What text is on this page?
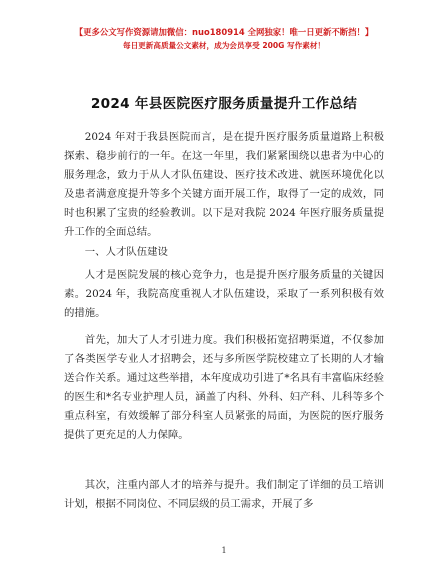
【更多公文写作资源请加微信：nuo180914 全网独家！唯一日更新不断挡！】
每日更新高质量公文素材，成为会员享受 200G 写作素材！
2024 年县医院医疗服务质量提升工作总结

2024 年对于我县医院而言，是在提升医疗服务质量道路上积极探索、稳步前行的一年。在这一年里，我们紧紧围绕以患者为中心的服务理念，致力于从人才队伍建设、医疗技术改进、就医环境优化以及患者满意度提升等多个关键方面开展工作，取得了一定的成效，同时也积累了宝贵的经验教训。以下是对我院 2024 年医疗服务质量提升工作的全面总结。

一、人才队伍建设

人才是医院发展的核心竞争力，也是提升医疗服务质量的关键因素。2024 年，我院高度重视人才队伍建设，采取了一系列积极有效的措施。

首先，加大了人才引进力度。我们积极拓宽招聘渠道，不仅参加了各类医学专业人才招聘会，还与多所医学院校建立了长期的人才输送合作关系。通过这些举措，本年度成功引进了*名具有丰富临床经验的医生和*名专业护理人员，涵盖了内科、外科、妇产科、儿科等多个重点科室，有效缓解了部分科室人员紧张的局面，为医院的医疗服务提供了更充足的人力保障。

其次，注重内部人才的培养与提升。我们制定了详细的员工培训计划，根据不同岗位、不同层级的员工需求，开展了多

1
